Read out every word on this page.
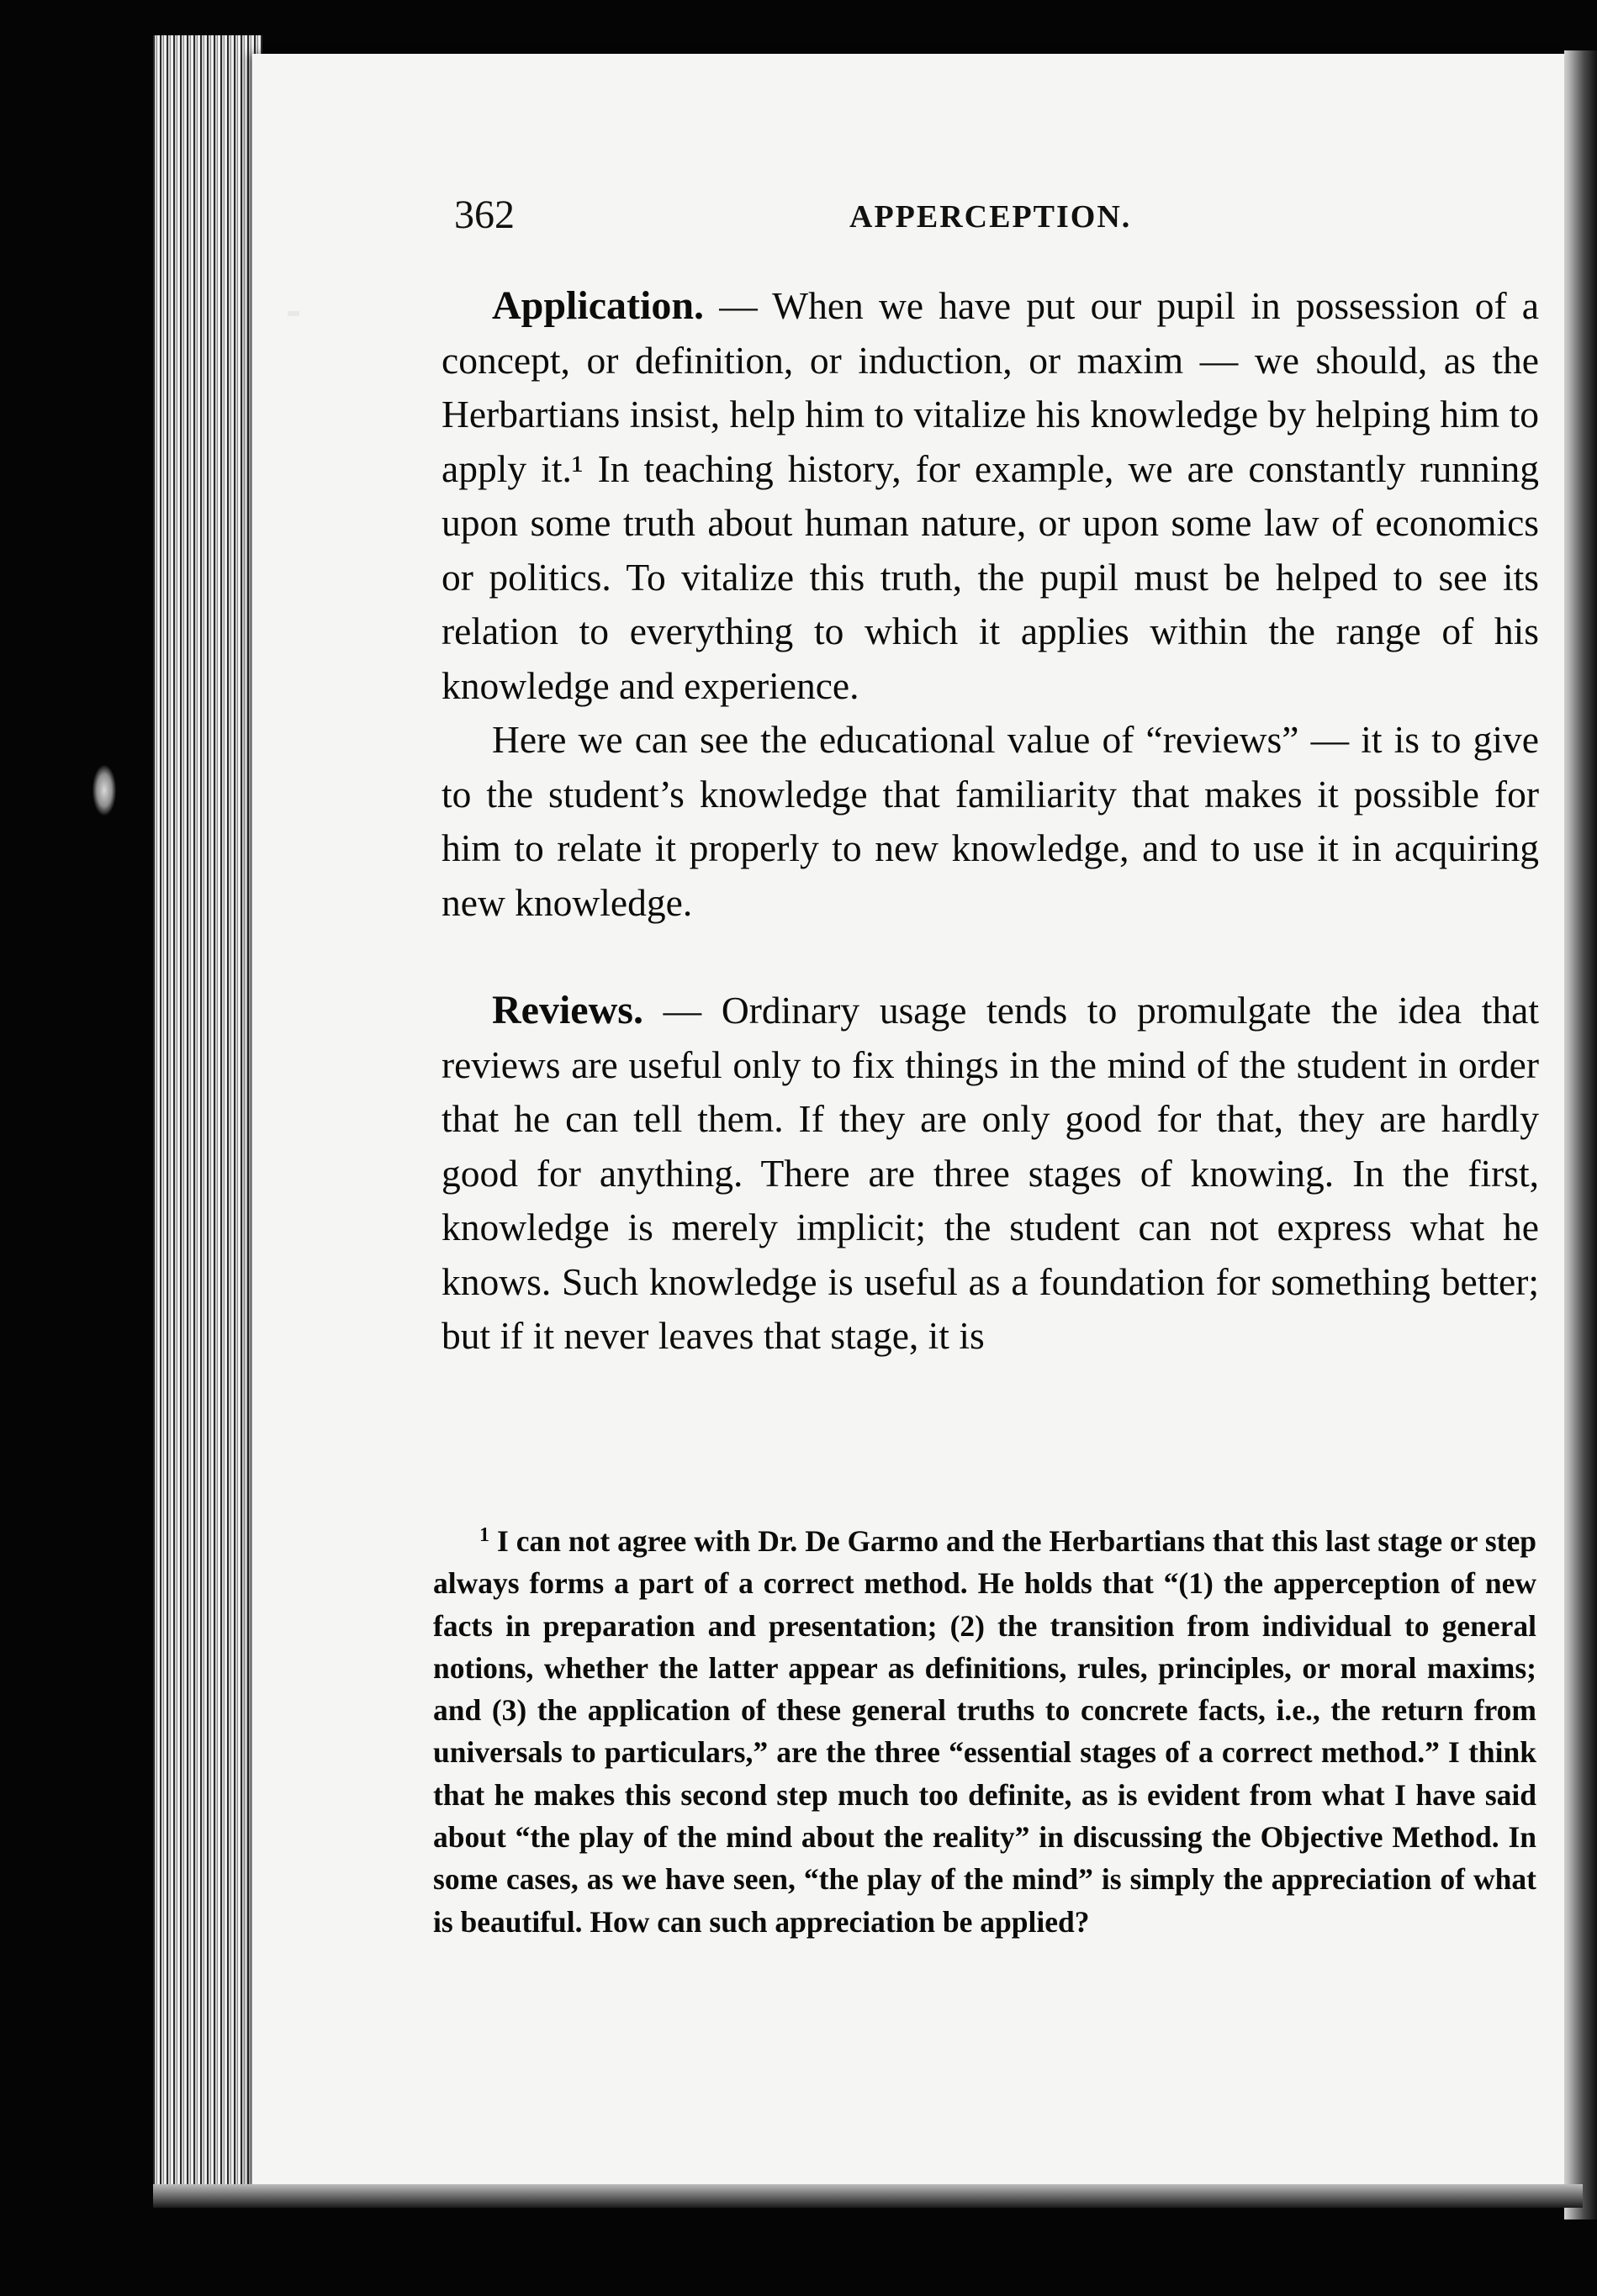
362	APPERCEPTION.

Application. — When we have put our pupil in possession of a concept, or definition, or induction, or maxim — we should, as the Herbartians insist, help him to vitalize his knowledge by helping him to apply it.¹ In teaching history, for example, we are constantly running upon some truth about human nature, or upon some law of economics or politics. To vitalize this truth, the pupil must be helped to see its relation to everything to which it applies within the range of his knowledge and experience.

Here we can see the educational value of “reviews” — it is to give to the student’s knowledge that familiarity that makes it possible for him to relate it properly to new knowledge, and to use it in acquiring new knowledge.

Reviews. — Ordinary usage tends to promulgate the idea that reviews are useful only to fix things in the mind of the student in order that he can tell them. If they are only good for that, they are hardly good for anything. There are three stages of knowing. In the first, knowledge is merely implicit; the student can not express what he knows. Such knowledge is useful as a foundation for something better; but if it never leaves that stage, it is

$^1$ I can not agree with Dr. De Garmo and the Herbartians that this last stage or step always forms a part of a correct method. He holds that “(1) the apperception of new facts in preparation and presentation; (2) the transition from individual to general notions, whether the latter appear as definitions, rules, principles, or moral maxims; and (3) the application of these general truths to concrete facts, i.e., the return from universals to particulars,” are the three “essential stages of a correct method.” I think that he makes this second step much too definite, as is evident from what I have said about “the play of the mind about the reality” in discussing the Objective Method. In some cases, as we have seen, “the play of the mind” is simply the appreciation of what is beautiful. How can such appreciation be applied?
